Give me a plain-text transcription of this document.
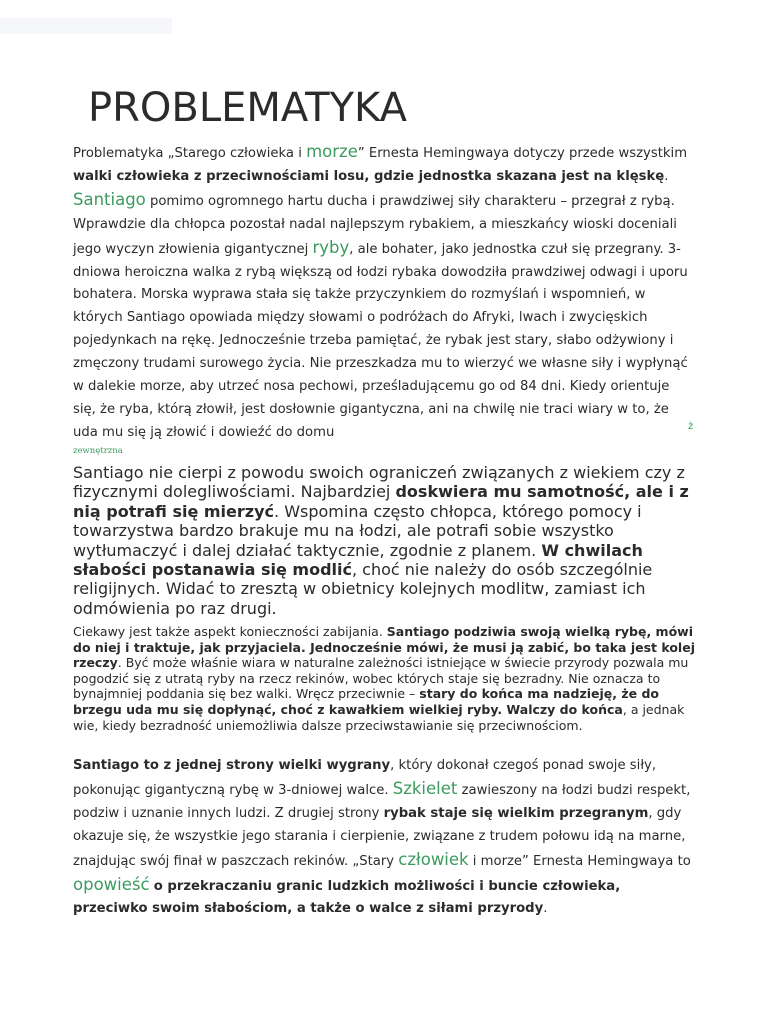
PROBLEMATYKA

Problematyka „Starego człowieka i morze” Ernesta Hemingwaya dotyczy przede wszystkim walki człowieka z przeciwnościami losu, gdzie jednostka skazana jest na klęskę. Santiago pomimo ogromnego hartu ducha i prawdziwej siły charakteru – przegrał z rybą. Wprawdzie dla chłopca pozostał nadal najlepszym rybakiem, a mieszkańcy wioski doceniali jego wyczyn złowienia gigantycznej ryby, ale bohater, jako jednostka czuł się przegrany. 3-dniowa heroiczna walka z rybą większą od łodzi rybaka dowodziła prawdziwej odwagi i uporu bohatera. Morska wyprawa stała się także przyczynkiem do rozmyślań i wspomnień, w których Santiago opowiada między słowami o podróżach do Afryki, lwach i zwycięskich pojedynkach na rękę. Jednocześnie trzeba pamiętać, że rybak jest stary, słabo odżywiony i zmęczony trudami surowego życia. Nie przeszkadza mu to wierzyć we własne siły i wypłynąć w dalekie morze, aby utrzeć nosa pechowi, prześladującemu go od 84 dni. Kiedy orientuje się, że ryba, którą złowił, jest dosłownie gigantyczna, ani na chwilę nie traci wiary w to, że uda mu się ją złowić i dowieźć do domu	ż
zewnętrzna

Santiago nie cierpi z powodu swoich ograniczeń związanych z wiekiem czy z fizycznymi dolegliwościami. Najbardziej doskwiera mu samotność, ale i z nią potrafi się mierzyć. Wspomina często chłopca, którego pomocy i towarzystwa bardzo brakuje mu na łodzi, ale potrafi sobie wszystko wytłumaczyć i dalej działać taktycznie, zgodnie z planem. W chwilach słabości postanawia się modlić, choć nie należy do osób szczególnie religijnych. Widać to zresztą w obietnicy kolejnych modlitw, zamiast ich odmówienia po raz drugi.

Ciekawy jest także aspekt konieczności zabijania. Santiago podziwia swoją wielką rybę, mówi do niej i traktuje, jak przyjaciela. Jednocześnie mówi, że musi ją zabić, bo taka jest kolej rzeczy. Być może właśnie wiara w naturalne zależności istniejące w świecie przyrody pozwala mu pogodzić się z utratą ryby na rzecz rekinów, wobec których staje się bezradny. Nie oznacza to bynajmniej poddania się bez walki. Wręcz przeciwnie – stary do końca ma nadzieję, że do brzegu uda mu się dopłynąć, choć z kawałkiem wielkiej ryby. Walczy do końca, a jednak wie, kiedy bezradność uniemożliwia dalsze przeciwstawianie się przeciwnościom.

Santiago to z jednej strony wielki wygrany, który dokonał czegoś ponad swoje siły, pokonując gigantyczną rybę w 3-dniowej walce. Szkielet zawieszony na łodzi budzi respekt, podziw i uznanie innych ludzi. Z drugiej strony rybak staje się wielkim przegranym, gdy okazuje się, że wszystkie jego starania i cierpienie, związane z trudem połowu idą na marne, znajdując swój finał w paszczach rekinów. „Stary człowiek i morze” Ernesta Hemingwaya to opowieść o przekraczaniu granic ludzkich możliwości i buncie człowieka, przeciwko swoim słabościom, a także o walce z siłami przyrody.
